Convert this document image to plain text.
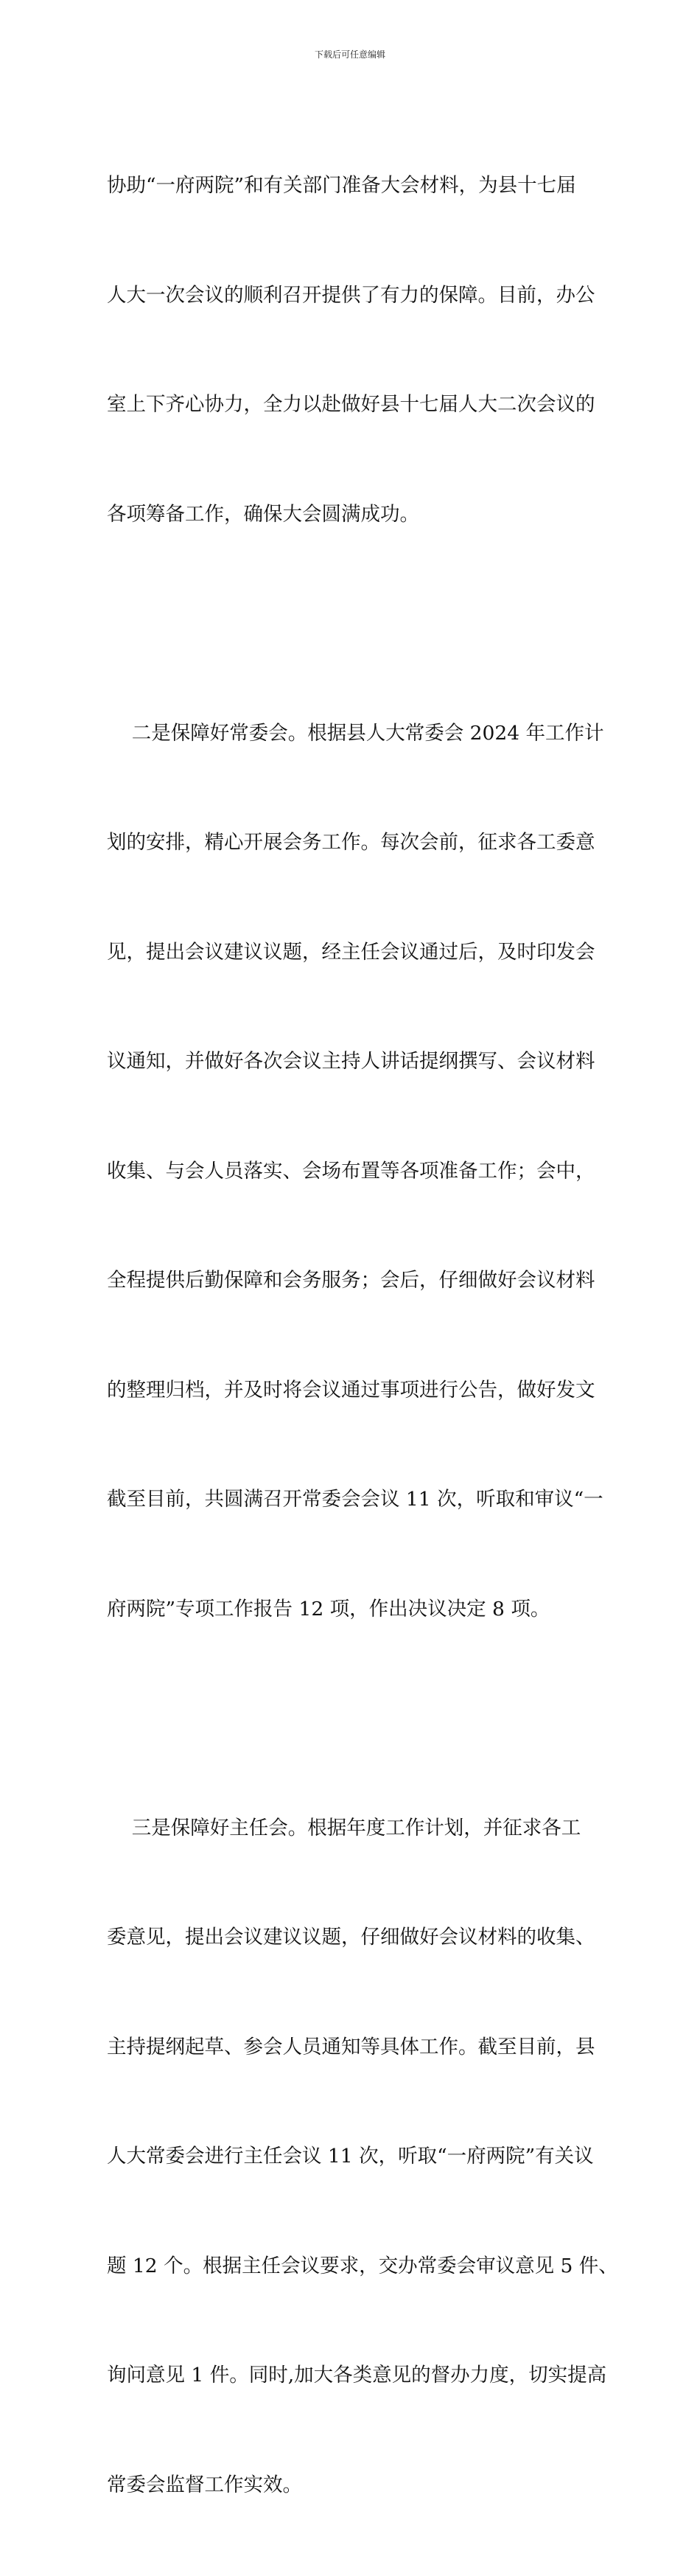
下载后可任意编辑

协助“一府两院”和有关部门准备大会材料，为县十七届

人大一次会议的顺利召开提供了有力的保障。目前，办公

室上下齐心协力，全力以赴做好县十七届人大二次会议的

各项筹备工作，确保大会圆满成功。

二是保障好常委会。根据县人大常委会 2024 年工作计

划的安排，精心开展会务工作。每次会前，征求各工委意

见，提出会议建议议题，经主任会议通过后，及时印发会

议通知，并做好各次会议主持人讲话提纲撰写、会议材料

收集、与会人员落实、会场布置等各项准备工作；会中，

全程提供后勤保障和会务服务；会后，仔细做好会议材料

的整理归档，并及时将会议通过事项进行公告，做好发文

截至目前，共圆满召开常委会会议 11 次，听取和审议“一

府两院”专项工作报告 12 项，作出决议决定 8 项。

三是保障好主任会。根据年度工作计划，并征求各工

委意见，提出会议建议议题，仔细做好会议材料的收集、

主持提纲起草、参会人员通知等具体工作。截至目前，县

人大常委会进行主任会议 11 次，听取“一府两院”有关议

题 12 个。根据主任会议要求，交办常委会审议意见 5 件、

询问意见 1 件。同时,加大各类意见的督办力度，切实提高

常委会监督工作实效。
